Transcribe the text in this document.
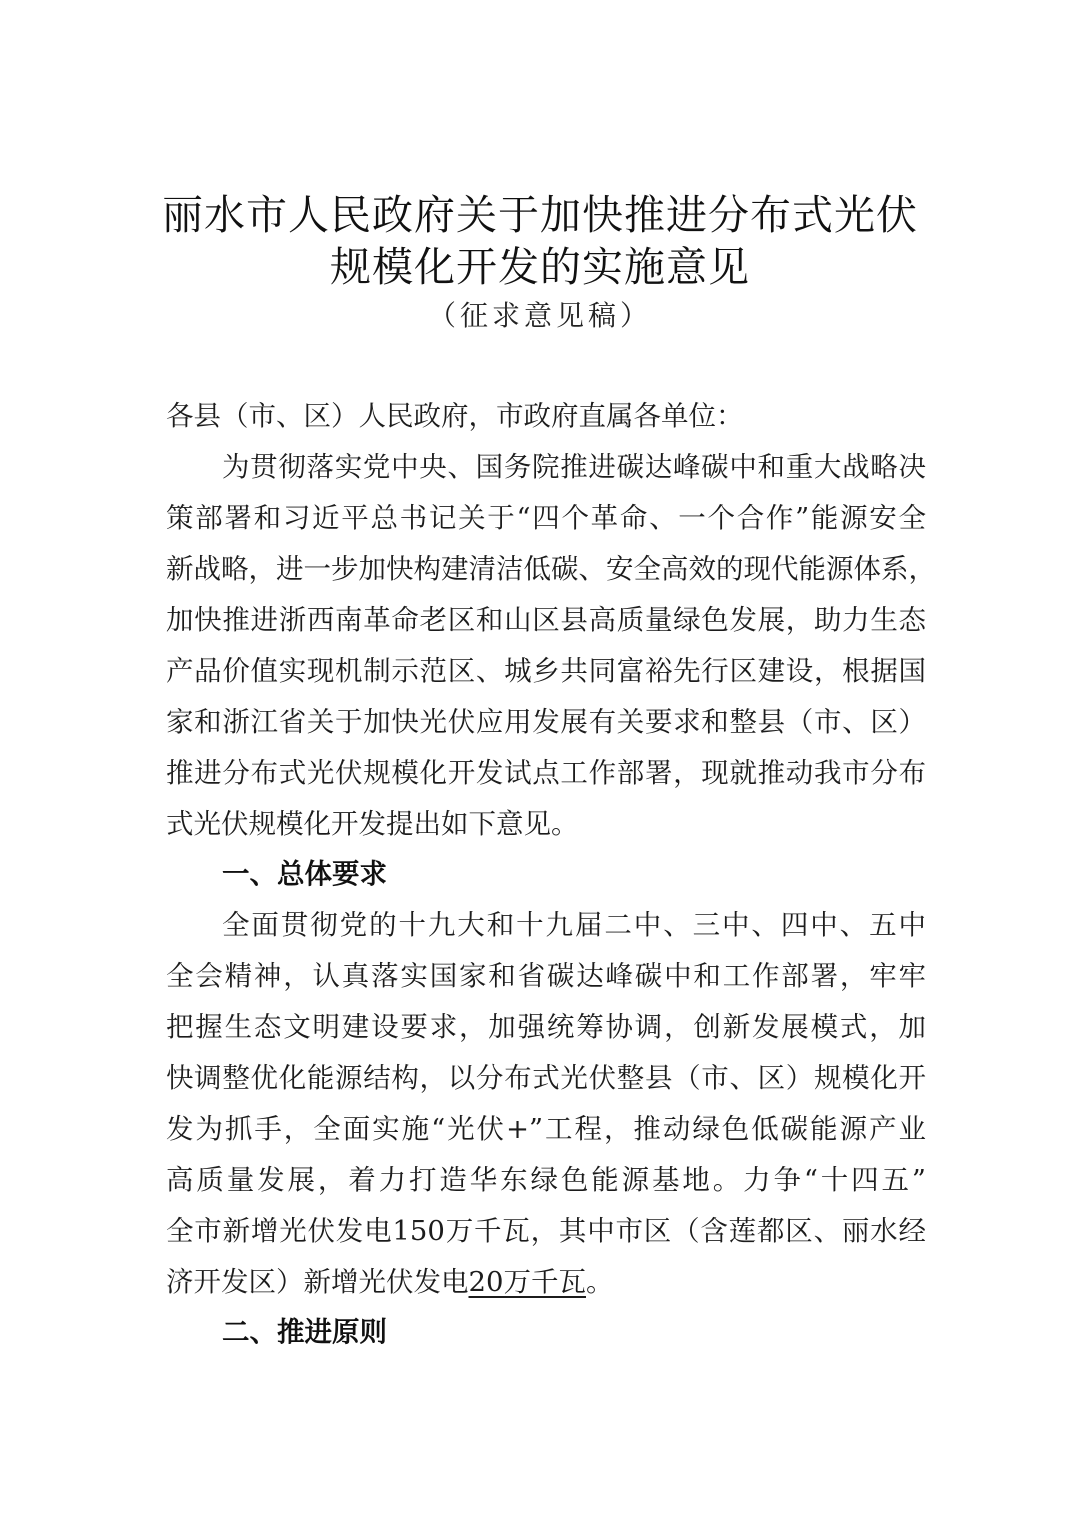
丽水市人民政府关于加快推进分布式光伏
规模化开发的实施意见
（征求意见稿）
各县（市、区）人民政府，市政府直属各单位：
为贯彻落实党中央、国务院推进碳达峰碳中和重大战略决
策部署和习近平总书记关于“四个革命、一个合作”能源安全
新战略，进一步加快构建清洁低碳、安全高效的现代能源体系，
加快推进浙西南革命老区和山区县高质量绿色发展，助力生态
产品价值实现机制示范区、城乡共同富裕先行区建设，根据国
家和浙江省关于加快光伏应用发展有关要求和整县（市、区）
推进分布式光伏规模化开发试点工作部署，现就推动我市分布
式光伏规模化开发提出如下意见。
一、总体要求
全面贯彻党的十九大和十九届二中、三中、四中、五中
全会精神，认真落实国家和省碳达峰碳中和工作部署，牢牢
把握生态文明建设要求，加强统筹协调，创新发展模式，加
快调整优化能源结构，以分布式光伏整县（市、区）规模化开
发为抓手，全面实施“光伏+”工程，推动绿色低碳能源产业
高质量发展，着力打造华东绿色能源基地。力争“十四五”
全市新增光伏发电150万千瓦，其中市区（含莲都区、丽水经
济开发区）新增光伏发电20万千瓦。
二、推进原则
